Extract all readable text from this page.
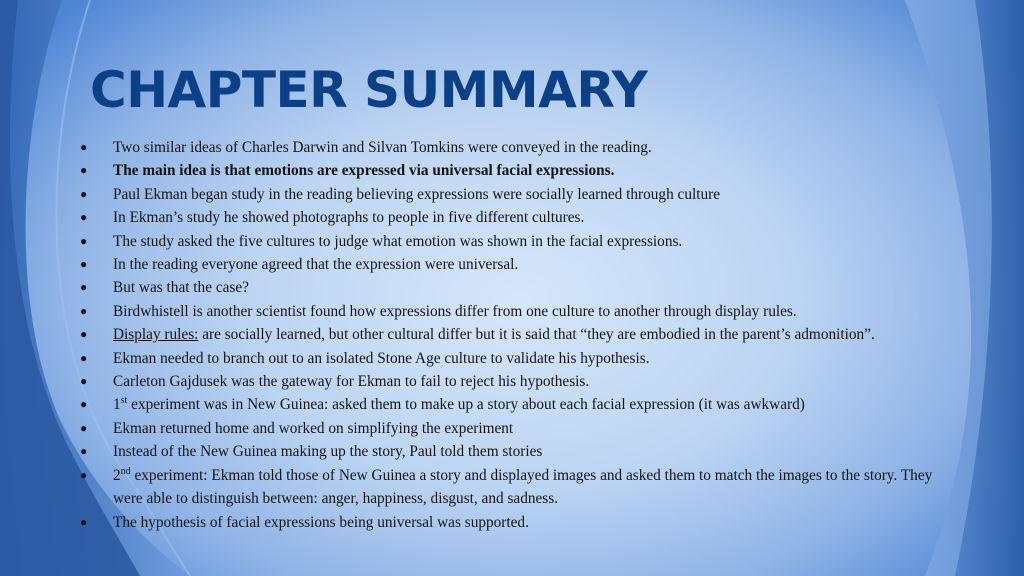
CHAPTER SUMMARY
● Two similar ideas of Charles Darwin and Silvan Tomkins were conveyed in the reading.
● The main idea is that emotions are expressed via universal facial expressions.
● Paul Ekman began study in the reading believing expressions were socially learned through culture
● In Ekman’s study he showed photographs to people in five different cultures.
● The study asked the five cultures to judge what emotion was shown in the facial expressions.
● In the reading everyone agreed that the expression were universal.
● But was that the case?
● Birdwhistell is another scientist found how expressions differ from one culture to another through display rules.
● Display rules: are socially learned, but other cultural differ but it is said that “they are embodied in the parent’s admonition”.
● Ekman needed to branch out to an isolated Stone Age culture to validate his hypothesis.
● Carleton Gajdusek was the gateway for Ekman to fail to reject his hypothesis.
● 1st experiment was in New Guinea: asked them to make up a story about each facial expression (it was awkward)
● Ekman returned home and worked on simplifying the experiment
● Instead of the New Guinea making up the story, Paul told them stories
● 2nd experiment: Ekman told those of New Guinea a story and displayed images and asked them to match the images to the story. They were able to distinguish between: anger, happiness, disgust, and sadness.
● The hypothesis of facial expressions being universal was supported.
